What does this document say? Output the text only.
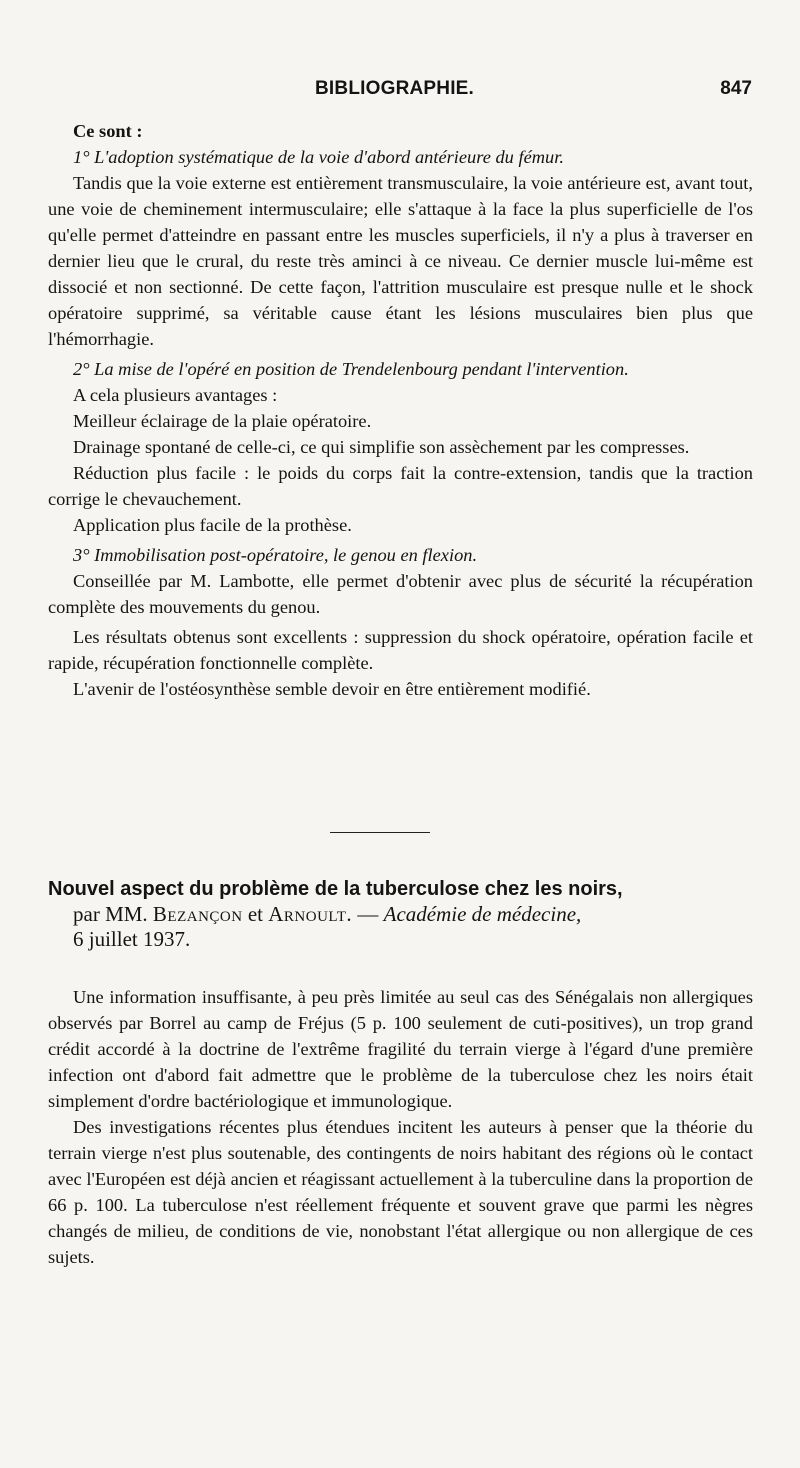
BIBLIOGRAPHIE.	847

Ce sont :

1° L'adoption systématique de la voie d'abord antérieure du fémur.

Tandis que la voie externe est entièrement transmusculaire, la voie antérieure est, avant tout, une voie de cheminement intermusculaire; elle s'attaque à la face la plus superficielle de l'os qu'elle permet d'atteindre en passant entre les muscles superficiels, il n'y a plus à traverser en dernier lieu que le crural, du reste très aminci à ce niveau. Ce dernier muscle lui-même est dissocié et non sectionné. De cette façon, l'attrition musculaire est presque nulle et le shock opératoire supprimé, sa véritable cause étant les lésions musculaires bien plus que l'hémorrhagie.

2° La mise de l'opéré en position de Trendelenbourg pendant l'intervention.

A cela plusieurs avantages :

Meilleur éclairage de la plaie opératoire.

Drainage spontané de celle-ci, ce qui simplifie son assèchement par les compresses.

Réduction plus facile : le poids du corps fait la contre-extension, tandis que la traction corrige le chevauchement.

Application plus facile de la prothèse.

3° Immobilisation post-opératoire, le genou en flexion.

Conseillée par M. Lambotte, elle permet d'obtenir avec plus de sécurité la récupération complète des mouvements du genou.

Les résultats obtenus sont excellents : suppression du shock opératoire, opération facile et rapide, récupération fonctionnelle complète.

L'avenir de l'ostéosynthèse semble devoir en être entièrement modifié.

Nouvel aspect du problème de la tuberculose chez les noirs,
par MM. Bezançon et Arnoult. — Académie de médecine,
6 juillet 1937.

Une information insuffisante, à peu près limitée au seul cas des Sénégalais non allergiques observés par Borrel au camp de Fréjus (5 p. 100 seulement de cuti-positives), un trop grand crédit accordé à la doctrine de l'extrême fragilité du terrain vierge à l'égard d'une première infection ont d'abord fait admettre que le problème de la tuberculose chez les noirs était simplement d'ordre bactériologique et immunologique.

Des investigations récentes plus étendues incitent les auteurs à penser que la théorie du terrain vierge n'est plus soutenable, des contingents de noirs habitant des régions où le contact avec l'Européen est déjà ancien et réagissant actuellement à la tuberculine dans la proportion de 66 p. 100. La tuberculose n'est réellement fréquente et souvent grave que parmi les nègres changés de milieu, de conditions de vie, nonobstant l'état allergique ou non allergique de ces sujets.
